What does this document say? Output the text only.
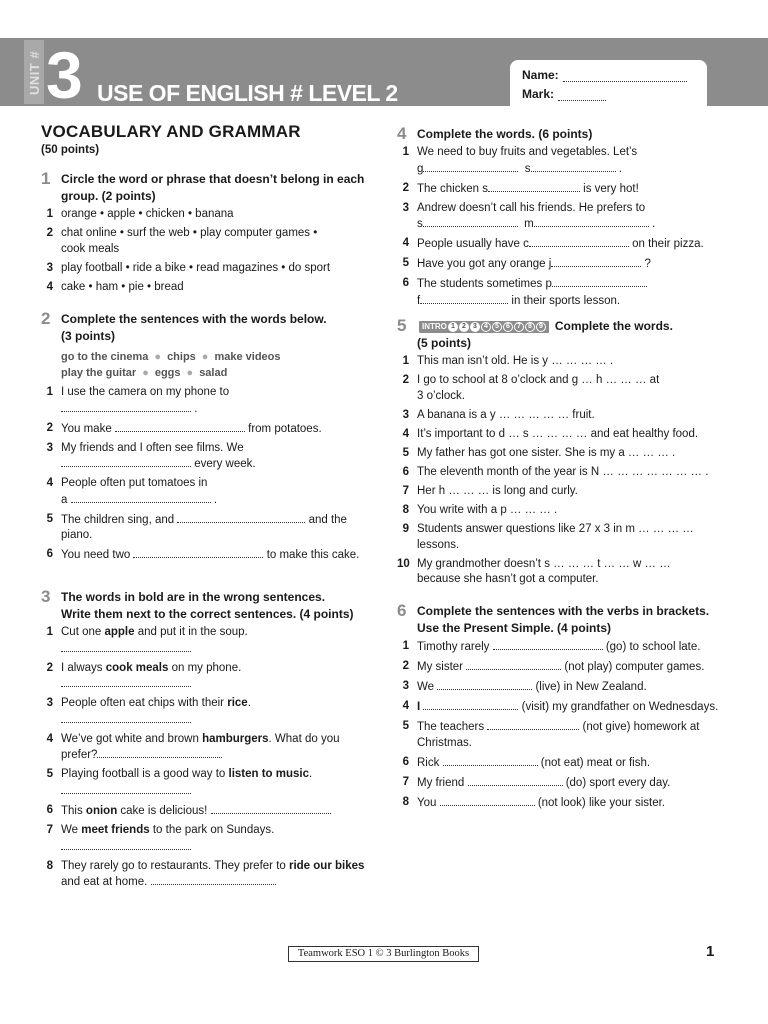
UNIT # 3 USE OF ENGLISH # LEVEL 2
Name:
Mark:
VOCABULARY AND GRAMMAR
(50 points)
1 Circle the word or phrase that doesn’t belong in each group. (2 points)
1 orange • apple • chicken • banana
2 chat online • surf the web • play computer games •
cook meals
3 play football • ride a bike • read magazines • do sport
4 cake • ham • pie • bread
2 Complete the sentences with the words below.
(3 points)
go to the cinema ● chips ● make videos
play the guitar ● eggs ● salad
1 I use the camera on my phone to
.
2 You make	from potatoes.
3 My friends and I often see films. We
every week.
4 People often put tomatoes in
a	.
5 The children sing, and	and the piano.
6 You need two	to make this cake.
3 The words in bold are in the wrong sentences.
Write them next to the correct sentences. (4 points)
1 Cut one apple and put it in the soup.

2 I always cook meals on my phone.

3 People often eat chips with their rice.

4 We’ve got white and brown hamburgers. What do you prefer?
5 Playing football is a good way to listen to music.

6 This onion cake is delicious!
7 We meet friends to the park on Sundays.

8 They rarely go to restaurants. They prefer to ride our bikes and eat at home.
4 Complete the words. (6 points)
1 We need to buy fruits and vegetables. Let’s
g	s	.
2 The chicken s	is very hot!
3 Andrew doesn’t call his friends. He prefers to
s	m	.
4 People usually have c	on their pizza.
5 Have you got any orange j	?
6 The students sometimes p
f	in their sports lesson.
5	INTRO 1	2	3	4	5	6	7	8	9 Complete the words.
(5 points)
1 This man isn’t old. He is y … … … … .
2 I go to school at 8 o’clock and g … h … … … at
3 o’clock.
3 A banana is a y … … … … … fruit.
4 It’s important to d … s … … … … and eat healthy food.
5 My father has got one sister. She is my a … … … .
6 The eleventh month of the year is N … … … … … … … .
7 Her h … … … is long and curly.
8 You write with a p … … … .
9 Students answer questions like 27 x 3 in m … … … …
lessons.
10 My grandmother doesn’t s … … … t … … w … …
because she hasn’t got a computer.
6 Complete the sentences with the verbs in brackets.
Use the Present Simple. (4 points)
1 Timothy rarely	(go) to school late.
2 My sister	(not play) computer games.
3 We	(live) in New Zealand.
4 I	(visit) my grandfather on Wednesdays.
5 The teachers	(not give) homework at Christmas.
6 Rick	(not eat) meat or fish.
7 My friend	(do) sport every day.
8 You	(not look) like your sister.
Teamwork ESO 1 © 3 Burlington Books	1
